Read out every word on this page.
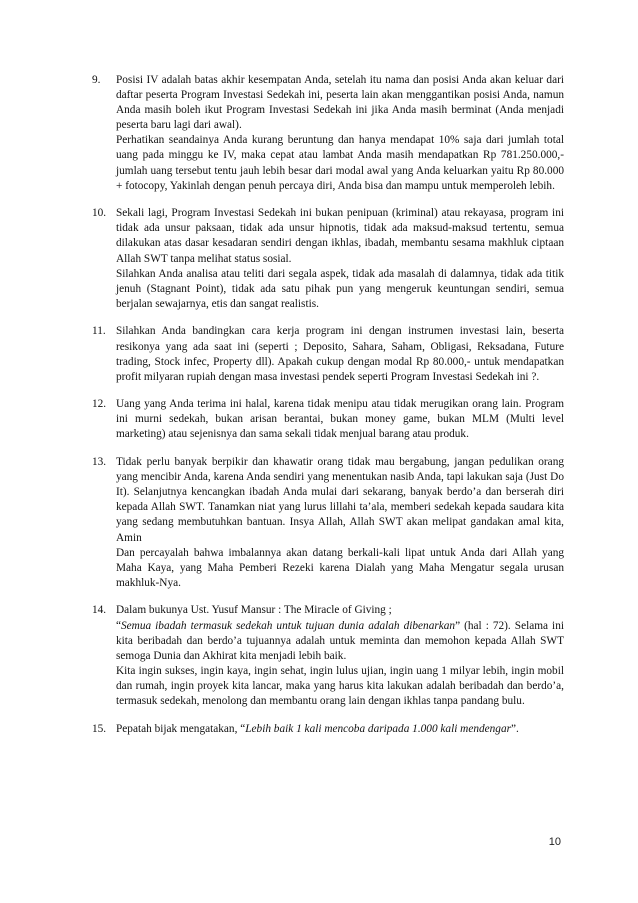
9. Posisi IV adalah batas akhir kesempatan Anda, setelah itu nama dan posisi Anda akan keluar dari daftar peserta Program Investasi Sedekah ini, peserta lain akan menggantikan posisi Anda, namun Anda masih boleh ikut Program Investasi Sedekah ini jika Anda masih berminat (Anda menjadi peserta baru lagi dari awal).

Perhatikan seandainya Anda kurang beruntung dan hanya mendapat 10% saja dari jumlah total uang pada minggu ke IV, maka cepat atau lambat Anda masih mendapatkan Rp 781.250.000,- jumlah uang tersebut tentu jauh lebih besar dari modal awal yang Anda keluarkan yaitu Rp 80.000 + fotocopy, Yakinlah dengan penuh percaya diri, Anda bisa dan mampu untuk memperoleh lebih.

10. Sekali lagi, Program Investasi Sedekah ini bukan penipuan (kriminal) atau rekayasa, program ini tidak ada unsur paksaan, tidak ada unsur hipnotis, tidak ada maksud-maksud tertentu, semua dilakukan atas dasar kesadaran sendiri dengan ikhlas, ibadah, membantu sesama makhluk ciptaan Allah SWT tanpa melihat status sosial.

Silahkan Anda analisa atau teliti dari segala aspek, tidak ada masalah di dalamnya, tidak ada titik jenuh (Stagnant Point), tidak ada satu pihak pun yang mengeruk keuntungan sendiri, semua berjalan sewajarnya, etis dan sangat realistis.

11. Silahkan Anda bandingkan cara kerja program ini dengan instrumen investasi lain, beserta resikonya yang ada saat ini (seperti ; Deposito, Sahara, Saham, Obligasi, Reksadana, Future trading, Stock infec, Property dll). Apakah cukup dengan modal Rp 80.000,- untuk mendapatkan profit milyaran rupiah dengan masa investasi pendek seperti Program Investasi Sedekah ini ?.

12. Uang yang Anda terima ini halal, karena tidak menipu atau tidak merugikan orang lain. Program ini murni sedekah, bukan arisan berantai, bukan money game, bukan MLM (Multi level marketing) atau sejenisnya dan sama sekali tidak menjual barang atau produk.

13. Tidak perlu banyak berpikir dan khawatir orang tidak mau bergabung, jangan pedulikan orang yang mencibir Anda, karena Anda sendiri yang menentukan nasib Anda, tapi lakukan saja (Just Do It). Selanjutnya kencangkan ibadah Anda mulai dari sekarang, banyak berdo’a dan berserah diri kepada Allah SWT. Tanamkan niat yang lurus lillahi ta’ala, memberi sedekah kepada saudara kita yang sedang membutuhkan bantuan. Insya Allah, Allah SWT akan melipat gandakan amal kita, Amin

Dan percayalah bahwa imbalannya akan datang berkali-kali lipat untuk Anda dari Allah yang Maha Kaya, yang Maha Pemberi Rezeki karena Dialah yang Maha Mengatur segala urusan makhluk-Nya.

14. Dalam bukunya Ust. Yusuf Mansur : The Miracle of Giving ;

“Semua ibadah termasuk sedekah untuk tujuan dunia adalah dibenarkan” (hal : 72). Selama ini kita beribadah dan berdo’a tujuannya adalah untuk meminta dan memohon kepada Allah SWT semoga Dunia dan Akhirat kita menjadi lebih baik.

Kita ingin sukses, ingin kaya, ingin sehat, ingin lulus ujian, ingin uang 1 milyar lebih, ingin mobil dan rumah, ingin proyek kita lancar, maka yang harus kita lakukan adalah beribadah dan berdo’a, termasuk sedekah, menolong dan membantu orang lain dengan ikhlas tanpa pandang bulu.

15. Pepatah bijak mengatakan, “Lebih baik 1 kali mencoba daripada 1.000 kali mendengar”.

10
